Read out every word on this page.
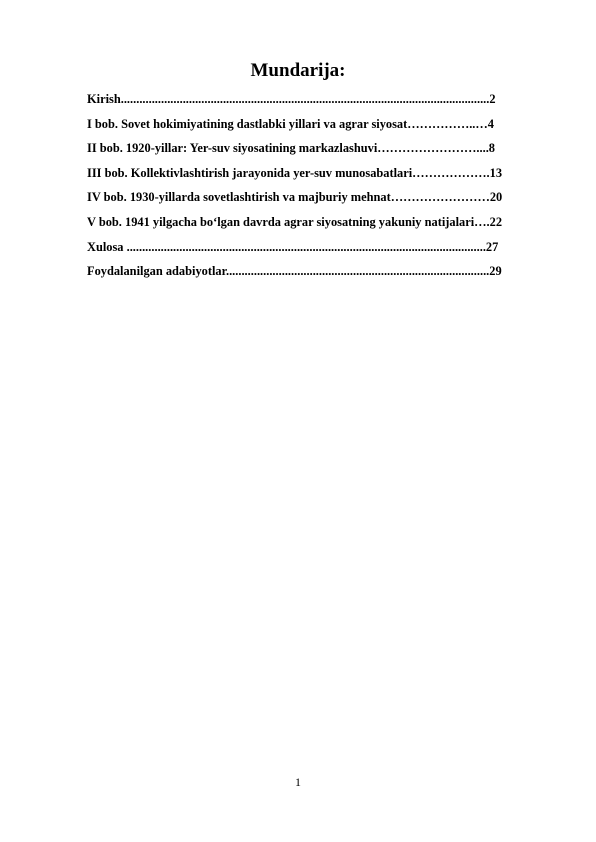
Mundarija:
Kirish.......................................................................................................................2
I bob. Sovet hokimiyatining dastlabki yillari va agrar siyosat……………..…4
II bob. 1920-yillar: Yer-suv siyosatining markazlashuvi……………………....8
III bob. Kollektivlashtirish jarayonida yer-suv munosabatlari……………….13
IV bob. 1930-yillarda sovetlashtirish va majburiy mehnat……………………20
V bob. 1941 yilgacha bo‘lgan davrda agrar siyosatning yakuniy natijalari….22
Xulosa ....................................................................................................................27
Foydalanilgan adabiyotlar.....................................................................................29
1
